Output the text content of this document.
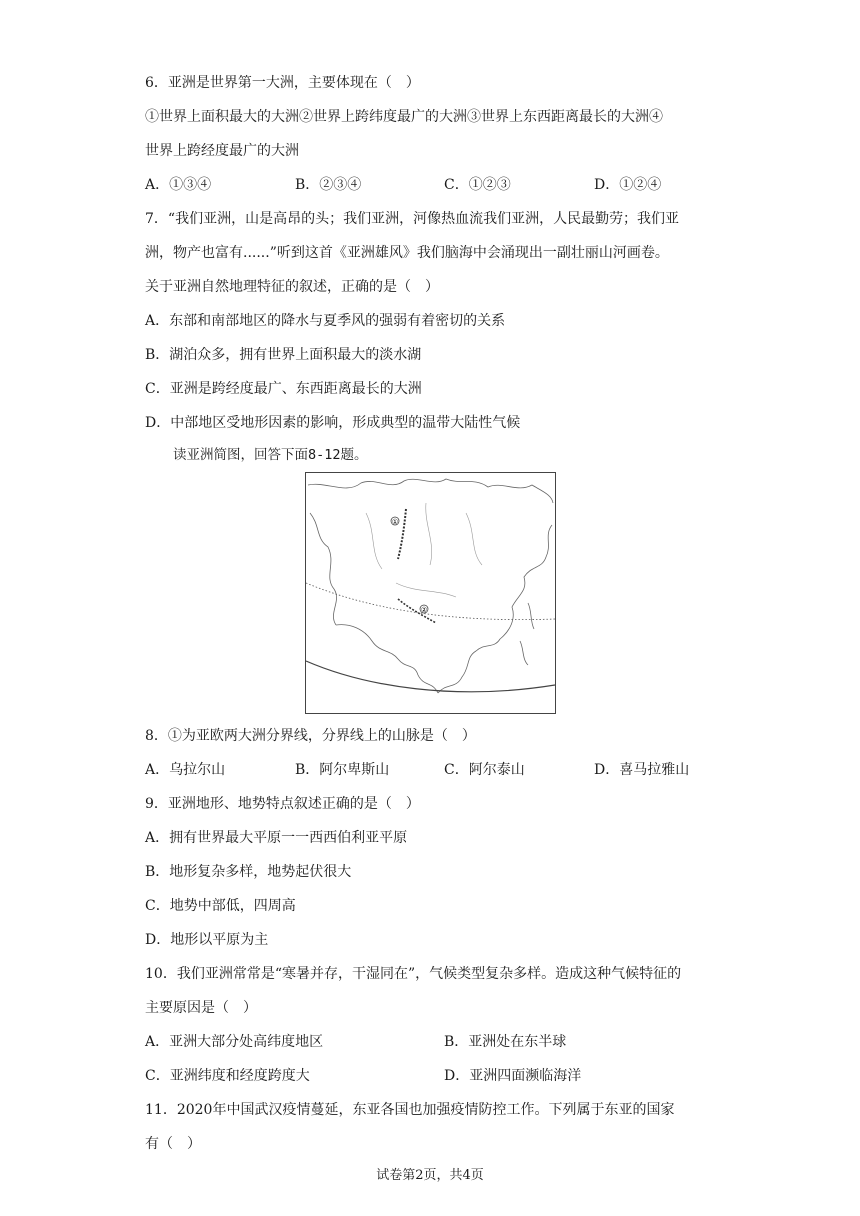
6．亚洲是世界第一大洲，主要体现在（　）
①世界上面积最大的大洲②世界上跨纬度最广的大洲③世界上东西距离最长的大洲④
世界上跨经度最广的大洲
A．①③④	B．②③④	C．①②③	D．①②④
7．“我们亚洲，山是高昂的头；我们亚洲，河像热血流我们亚洲，人民最勤劳；我们亚
洲，物产也富有......”听到这首《亚洲雄风》我们脑海中会涌现出一副壮丽山河画卷。
关于亚洲自然地理特征的叙述，正确的是（　）
A．东部和南部地区的降水与夏季风的强弱有着密切的关系
B．湖泊众多，拥有世界上面积最大的淡水湖
C．亚洲是跨经度最广、东西距离最长的大洲
D．中部地区受地形因素的影响，形成典型的温带大陆性气候
读亚洲简图，回答下面8-12题。
①
②
8．①为亚欧两大洲分界线，分界线上的山脉是（　）
A．乌拉尔山	B．阿尔卑斯山	C．阿尔泰山	D．喜马拉雅山
9．亚洲地形、地势特点叙述正确的是（　）
A．拥有世界最大平原一一西西伯利亚平原
B．地形复杂多样，地势起伏很大
C．地势中部低，四周高
D．地形以平原为主
10．我们亚洲常常是“寒暑并存，干湿同在”，气候类型复杂多样。造成这种气候特征的
主要原因是（　）
A．亚洲大部分处高纬度地区	B．亚洲处在东半球
C．亚洲纬度和经度跨度大	D．亚洲四面濒临海洋
11．2020年中国武汉疫情蔓延，东亚各国也加强疫情防控工作。下列属于东亚的国家
有（　）
试卷第2页，共4页
